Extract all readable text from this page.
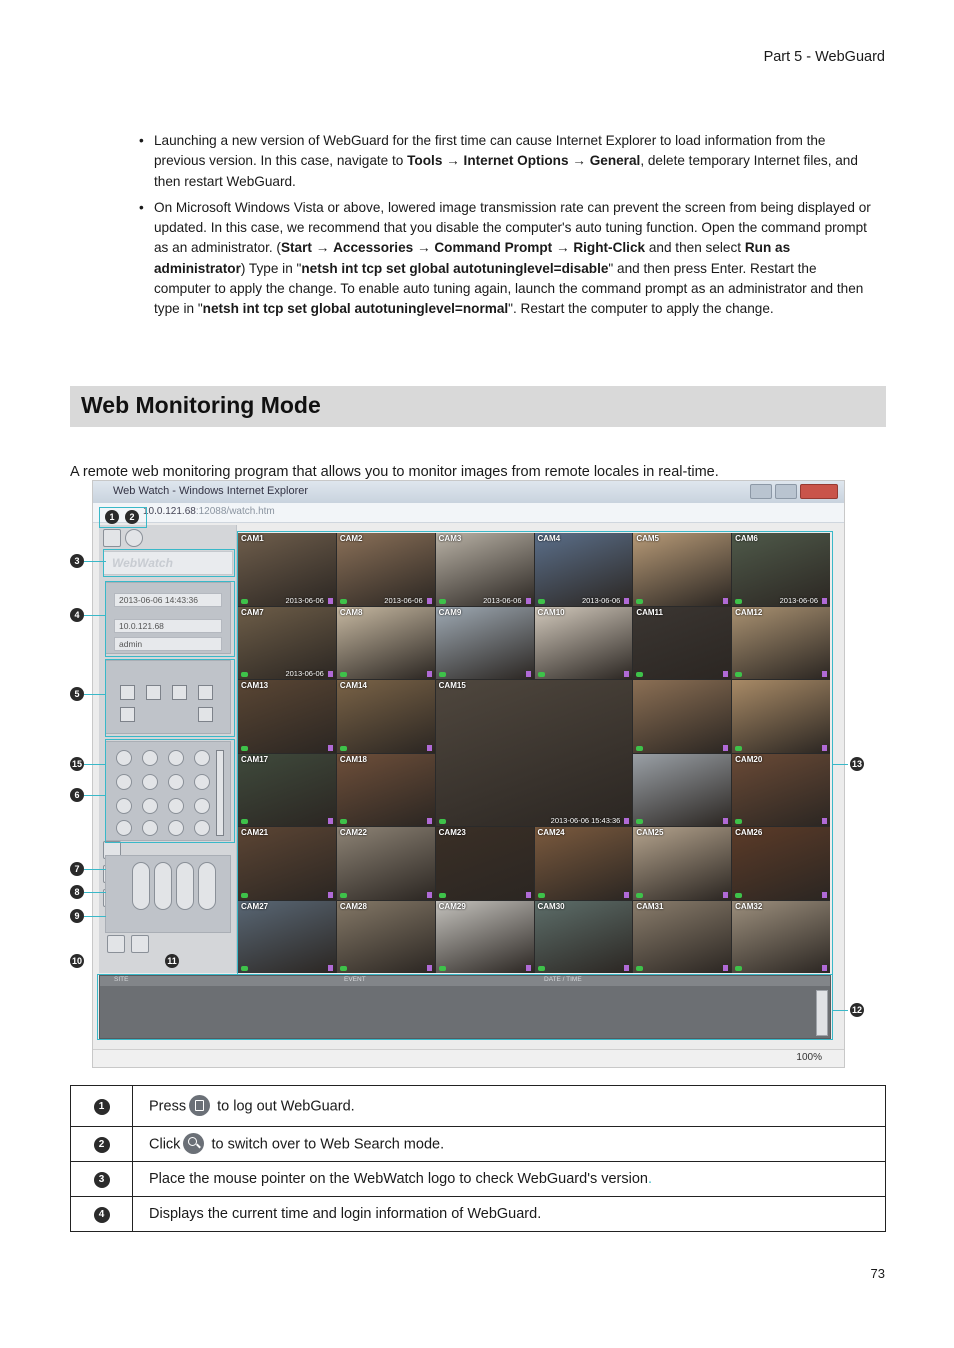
Part 5 - WebGuard
• Launching a new version of WebGuard for the first time can cause Internet Explorer to load information from the previous version. In this case, navigate to Tools → Internet Options → General, delete temporary Internet files, and then restart WebGuard.
• On Microsoft Windows Vista or above, lowered image transmission rate can prevent the screen from being displayed or updated. In this case, we recommend that you disable the computer's auto tuning function. Open the command prompt as an administrator. (Start → Accessories → Command Prompt → Right-Click and then select Run as administrator) Type in "netsh int tcp set global autotuninglevel=disable" and then press Enter. Restart the computer to apply the change. To enable auto tuning again, launch the command prompt as an administrator and then type in "netsh int tcp set global autotuninglevel=normal". Restart the computer to apply the change.
Web Monitoring Mode
A remote web monitoring program that allows you to monitor images from remote locales in real-time.
Web Watch - Windows Internet Explorer
10.0.121.68:12088/watch.htm
WebWatch
2013-06-06 14:43:36
10.0.121.68
admin
CAM1
2013-06-06
CAM2
2013-06-06
CAM3
2013-06-06
CAM4
2013-06-06
CAM5	CAM6
2013-06-06
CAM7
2013-06-06
CAM8	CAM9	CAM10	CAM11	CAM12
CAM13	CAM14	CAM15
2013-06-06 15:43:36
CAM17	CAM18	CAM20
CAM21	CAM22	CAM23	CAM24	CAM25	CAM26
CAM27	CAM28	CAM29	CAM30	CAM31	CAM32
SITE	EVENT	DATE / TIME
100%
1	2
3
4
5
15
6
7
8
9
10	11
13
12
1	Press to log out WebGuard.
2	Click to switch over to Web Search mode.
3	Place the mouse pointer on the WebWatch logo to check WebGuard's version.
4	Displays the current time and login information of WebGuard.
73
